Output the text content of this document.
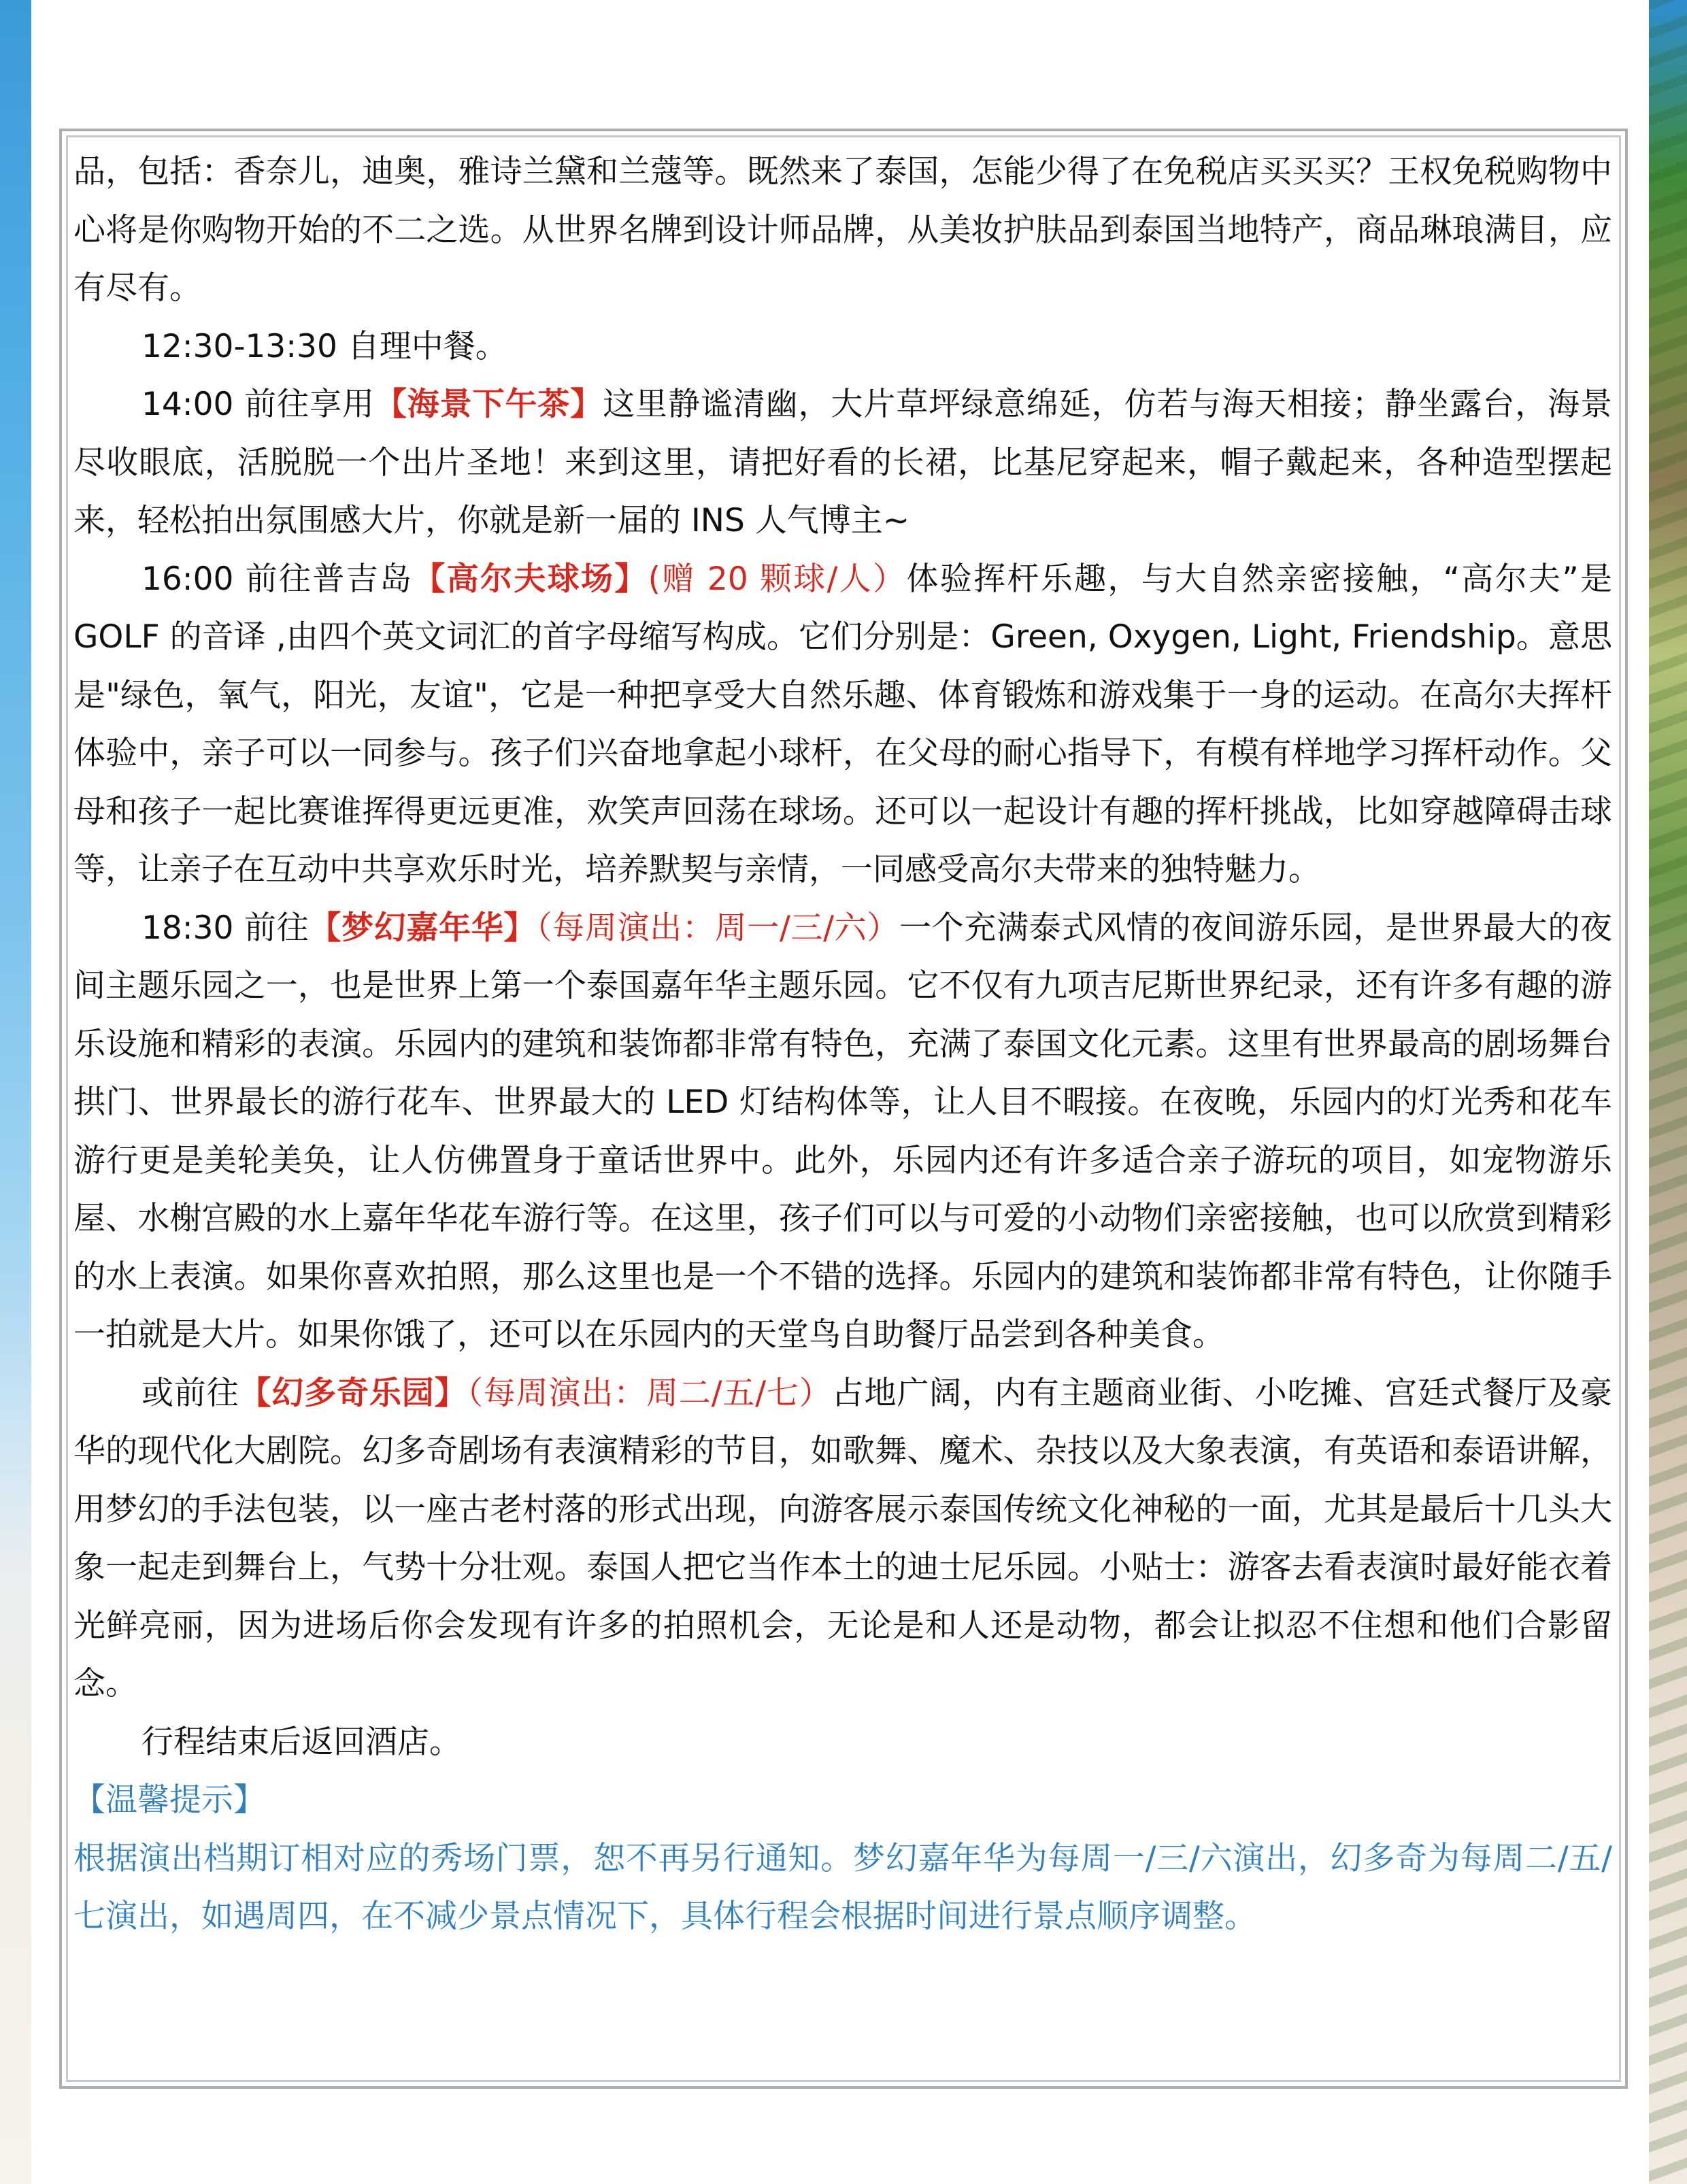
品，包括：香奈儿，迪奥，雅诗兰黛和兰蔻等。既然来了泰国，怎能少得了在免税店买买买？王权免税购物中心将是你购物开始的不二之选。从世界名牌到设计师品牌，从美妆护肤品到泰国当地特产，商品琳琅满目，应有尽有。

12:30-13:30 自理中餐。

14:00 前往享用【海景下午茶】这里静谧清幽，大片草坪绿意绵延，仿若与海天相接；静坐露台，海景尽收眼底，活脱脱一个出片圣地！来到这里，请把好看的长裙，比基尼穿起来，帽子戴起来，各种造型摆起来，轻松拍出氛围感大片，你就是新一届的 INS 人气博主~

16:00 前往普吉岛【高尔夫球场】(赠 20 颗球/人）体验挥杆乐趣，与大自然亲密接触，“高尔夫”是 GOLF 的音译 ,由四个英文词汇的首字母缩写构成。它们分别是：Green, Oxygen, Light, Friendship。意思是"绿色，氧气，阳光，友谊"，它是一种把享受大自然乐趣、体育锻炼和游戏集于一身的运动。在高尔夫挥杆体验中，亲子可以一同参与。孩子们兴奋地拿起小球杆，在父母的耐心指导下，有模有样地学习挥杆动作。父母和孩子一起比赛谁挥得更远更准，欢笑声回荡在球场。还可以一起设计有趣的挥杆挑战，比如穿越障碍击球等，让亲子在互动中共享欢乐时光，培养默契与亲情，一同感受高尔夫带来的独特魅力。

18:30 前往【梦幻嘉年华】（每周演出：周一/三/六）一个充满泰式风情的夜间游乐园，是世界最大的夜间主题乐园之一，也是世界上第一个泰国嘉年华主题乐园。它不仅有九项吉尼斯世界纪录，还有许多有趣的游乐设施和精彩的表演。乐园内的建筑和装饰都非常有特色，充满了泰国文化元素。这里有世界最高的剧场舞台拱门、世界最长的游行花车、世界最大的 LED 灯结构体等，让人目不暇接。在夜晚，乐园内的灯光秀和花车游行更是美轮美奂，让人仿佛置身于童话世界中。此外，乐园内还有许多适合亲子游玩的项目，如宠物游乐屋、水榭宫殿的水上嘉年华花车游行等。在这里，孩子们可以与可爱的小动物们亲密接触，也可以欣赏到精彩的水上表演。如果你喜欢拍照，那么这里也是一个不错的选择。乐园内的建筑和装饰都非常有特色，让你随手一拍就是大片。如果你饿了，还可以在乐园内的天堂鸟自助餐厅品尝到各种美食。

或前往【幻多奇乐园】（每周演出：周二/五/七）占地广阔，内有主题商业街、小吃摊、宫廷式餐厅及豪华的现代化大剧院。幻多奇剧场有表演精彩的节目，如歌舞、魔术、杂技以及大象表演，有英语和泰语讲解，用梦幻的手法包装，以一座古老村落的形式出现，向游客展示泰国传统文化神秘的一面，尤其是最后十几头大象一起走到舞台上，气势十分壮观。泰国人把它当作本土的迪士尼乐园。小贴士：游客去看表演时最好能衣着光鲜亮丽，因为进场后你会发现有许多的拍照机会，无论是和人还是动物，都会让拟忍不住想和他们合影留念。

行程结束后返回酒店。

【温馨提示】

根据演出档期订相对应的秀场门票，恕不再另行通知。梦幻嘉年华为每周一/三/六演出，幻多奇为每周二/五/七演出，如遇周四，在不减少景点情况下，具体行程会根据时间进行景点顺序调整。
